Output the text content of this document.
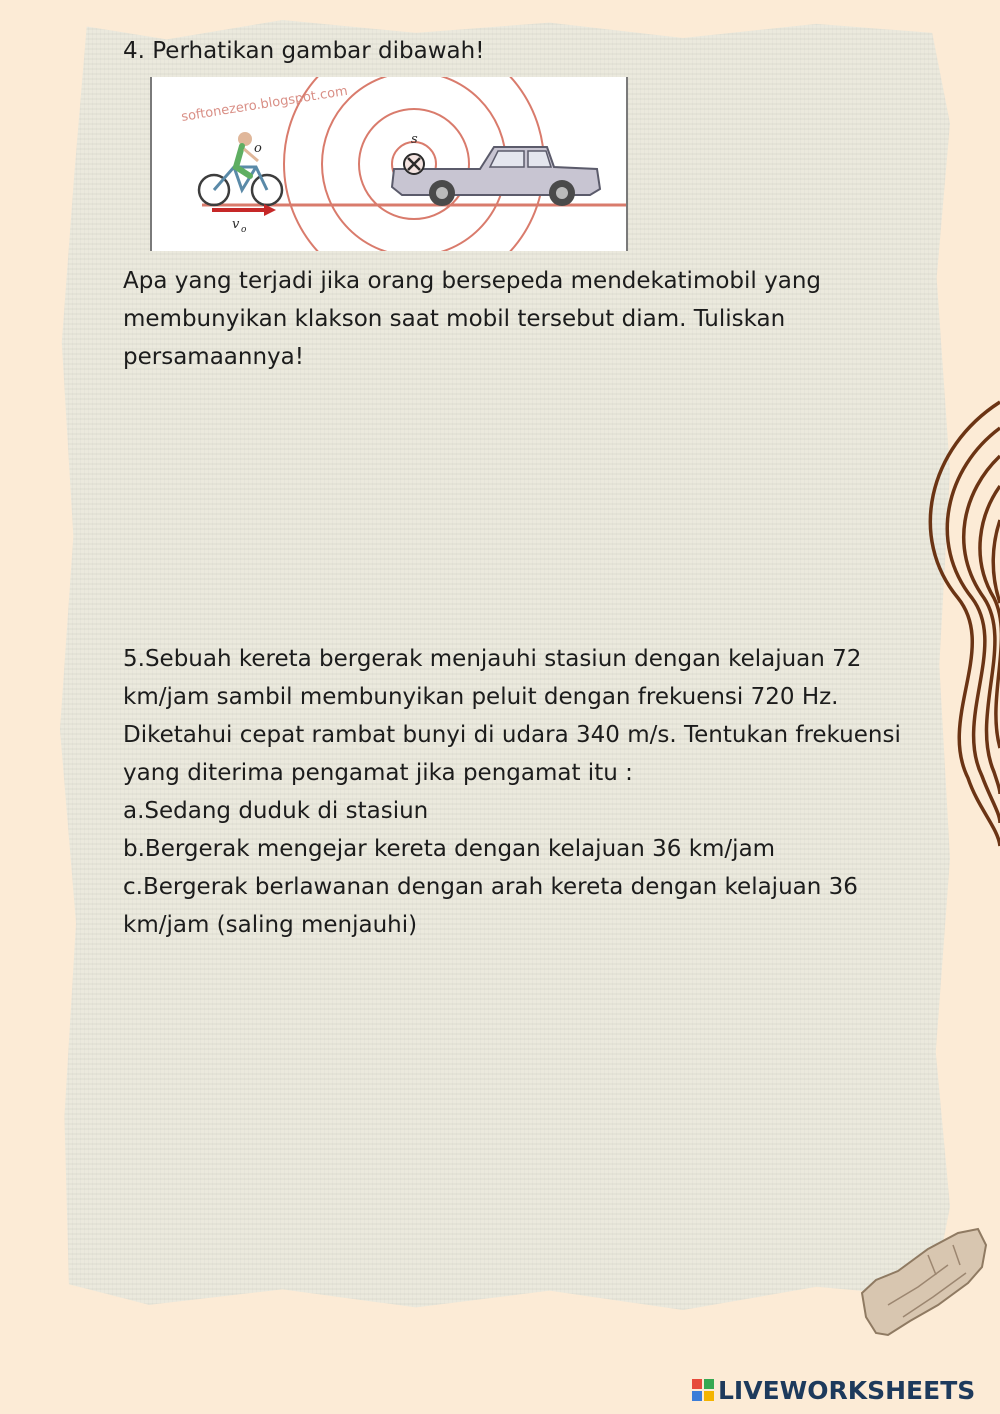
4. Perhatikan gambar dibawah!

softonezero.blogspot.com
s
o
v o

Apa yang terjadi jika orang bersepeda mendekatimobil yang

membunyikan klakson saat mobil tersebut diam. Tuliskan

persamaannya!

5.Sebuah kereta bergerak menjauhi stasiun dengan kelajuan 72

km/jam sambil membunyikan peluit dengan frekuensi 720 Hz.

Diketahui cepat rambat bunyi di udara 340 m/s. Tentukan frekuensi

yang diterima pengamat jika pengamat itu :

a.Sedang duduk di stasiun

b.Bergerak mengejar kereta dengan kelajuan 36 km/jam

c.Bergerak berlawanan dengan arah kereta dengan kelajuan 36

km/jam (saling menjauhi)

LIVEWORKSHEETS
